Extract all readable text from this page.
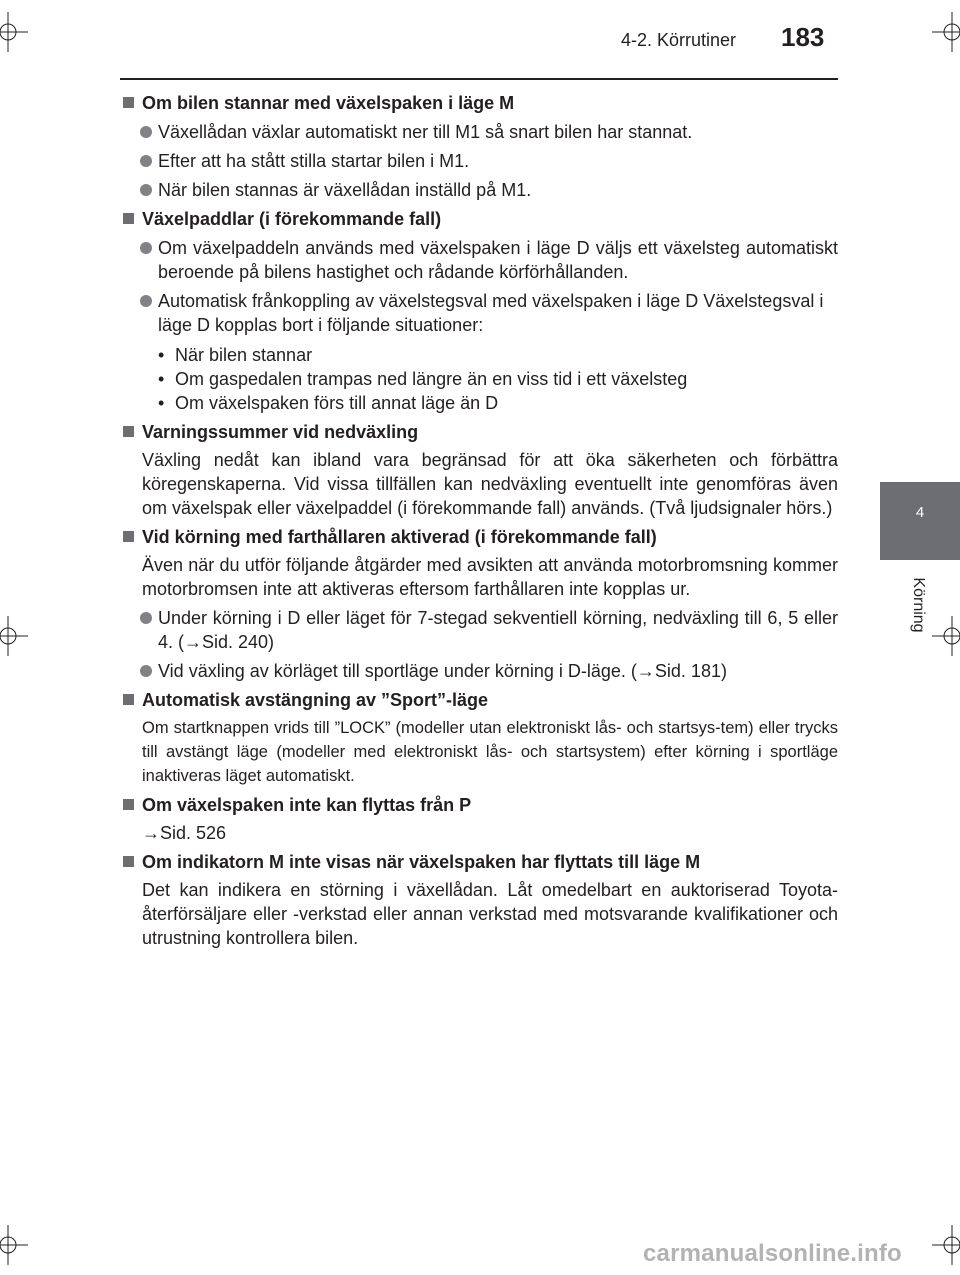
4-2. Körrutiner 183
4
Körning
Om bilen stannar med växelspaken i läge M
Växellådan växlar automatiskt ner till M1 så snart bilen har stannat.
Efter att ha stått stilla startar bilen i M1.
När bilen stannas är växellådan inställd på M1.
Växelpaddlar (i förekommande fall)
Om växelpaddeln används med växelspaken i läge D väljs ett växelsteg automatiskt beroende på bilens hastighet och rådande körförhållanden.
Automatisk frånkoppling av växelstegsval med växelspaken i läge D Växelstegsval i läge D kopplas bort i följande situationer:
• När bilen stannar
• Om gaspedalen trampas ned längre än en viss tid i ett växelsteg
• Om växelspaken förs till annat läge än D
Varningssummer vid nedväxling
Växling nedåt kan ibland vara begränsad för att öka säkerheten och förbättra köregenskaperna. Vid vissa tillfällen kan nedväxling eventuellt inte genomföras även om växelspak eller växelpaddel (i förekommande fall) används. (Två ljudsignaler hörs.)
Vid körning med farthållaren aktiverad (i förekommande fall)
Även när du utför följande åtgärder med avsikten att använda motorbromsning kommer motorbromsen inte att aktiveras eftersom farthållaren inte kopplas ur.
Under körning i D eller läget för 7-stegad sekventiell körning, nedväxling till 6, 5 eller 4. (→Sid. 240)
Vid växling av körläget till sportläge under körning i D-läge. (→Sid. 181)
Automatisk avstängning av ”Sport”-läge
Om startknappen vrids till ”LOCK” (modeller utan elektroniskt lås- och startsys-tem) eller trycks till avstängt läge (modeller med elektroniskt lås- och startsystem) efter körning i sportläge inaktiveras läget automatiskt.
Om växelspaken inte kan flyttas från P
→Sid. 526
Om indikatorn M inte visas när växelspaken har flyttats till läge M
Det kan indikera en störning i växellådan. Låt omedelbart en auktoriserad Toyota-återförsäljare eller -verkstad eller annan verkstad med motsvarande kvalifikationer och utrustning kontrollera bilen.
carmanualsonline.info
